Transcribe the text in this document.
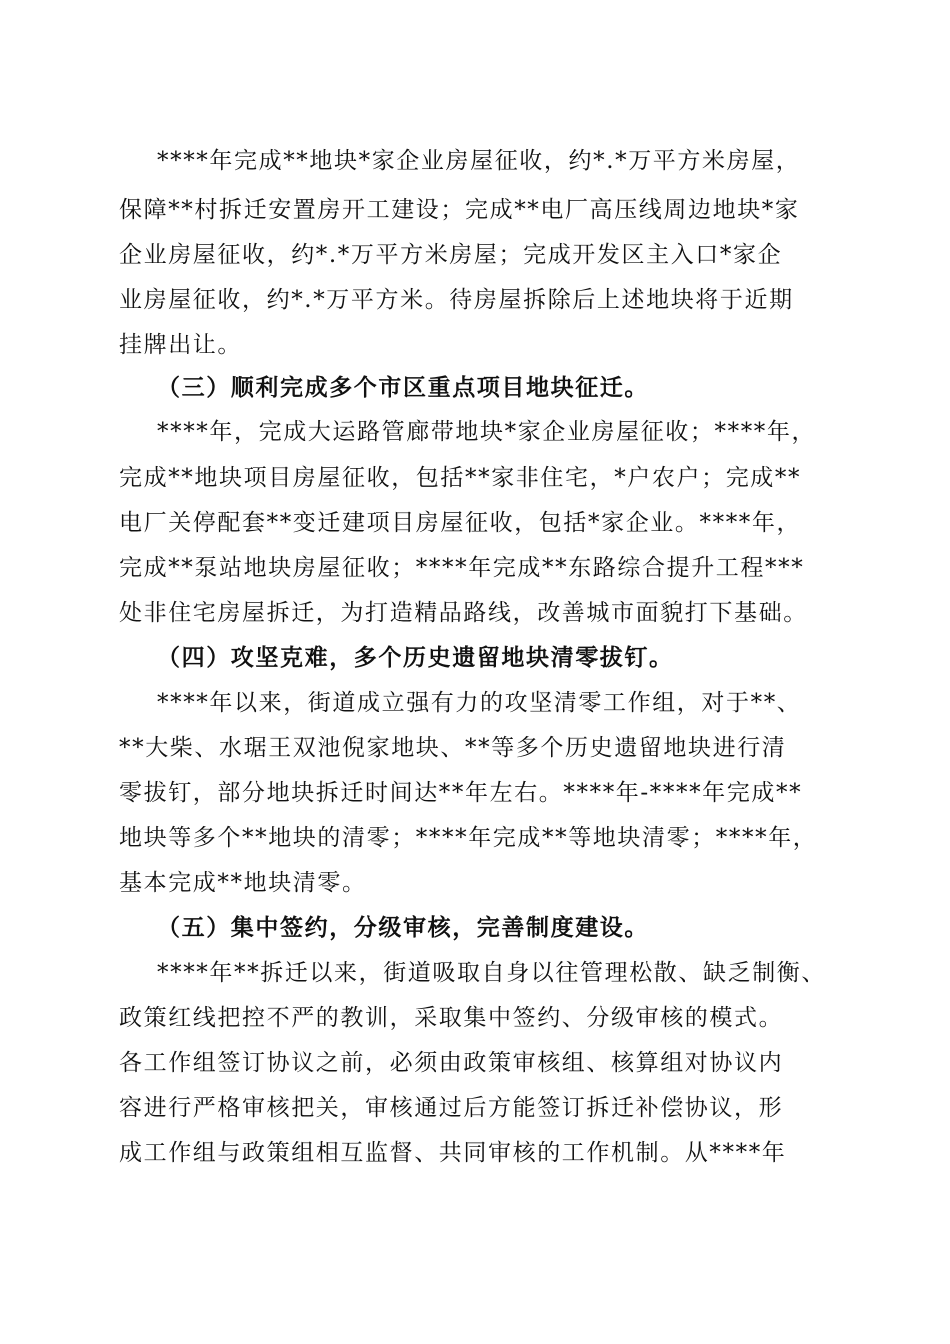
****年完成**地块*家企业房屋征收，约*.*万平方米房屋，
保障**村拆迁安置房开工建设；完成**电厂高压线周边地块*家
企业房屋征收，约*.*万平方米房屋；完成开发区主入口*家企
业房屋征收，约*.*万平方米。待房屋拆除后上述地块将于近期
挂牌出让。
（三）顺利完成多个市区重点项目地块征迁。
****年，完成大运路管廊带地块*家企业房屋征收；****年，
完成**地块项目房屋征收，包括**家非住宅，*户农户；完成**
电厂关停配套**变迁建项目房屋征收，包括*家企业。****年，
完成**泵站地块房屋征收；****年完成**东路综合提升工程***
处非住宅房屋拆迁，为打造精品路线，改善城市面貌打下基础。
（四）攻坚克难，多个历史遗留地块清零拔钉。
****年以来，街道成立强有力的攻坚清零工作组，对于**、
**大柴、水琚王双池倪家地块、**等多个历史遗留地块进行清
零拔钉，部分地块拆迁时间达**年左右。****年-****年完成**
地块等多个**地块的清零；****年完成**等地块清零；****年，
基本完成**地块清零。
（五）集中签约，分级审核，完善制度建设。
****年**拆迁以来，街道吸取自身以往管理松散、缺乏制衡、
政策红线把控不严的教训，采取集中签约、分级审核的模式。
各工作组签订协议之前，必须由政策审核组、核算组对协议内
容进行严格审核把关，审核通过后方能签订拆迁补偿协议，形
成工作组与政策组相互监督、共同审核的工作机制。从****年
